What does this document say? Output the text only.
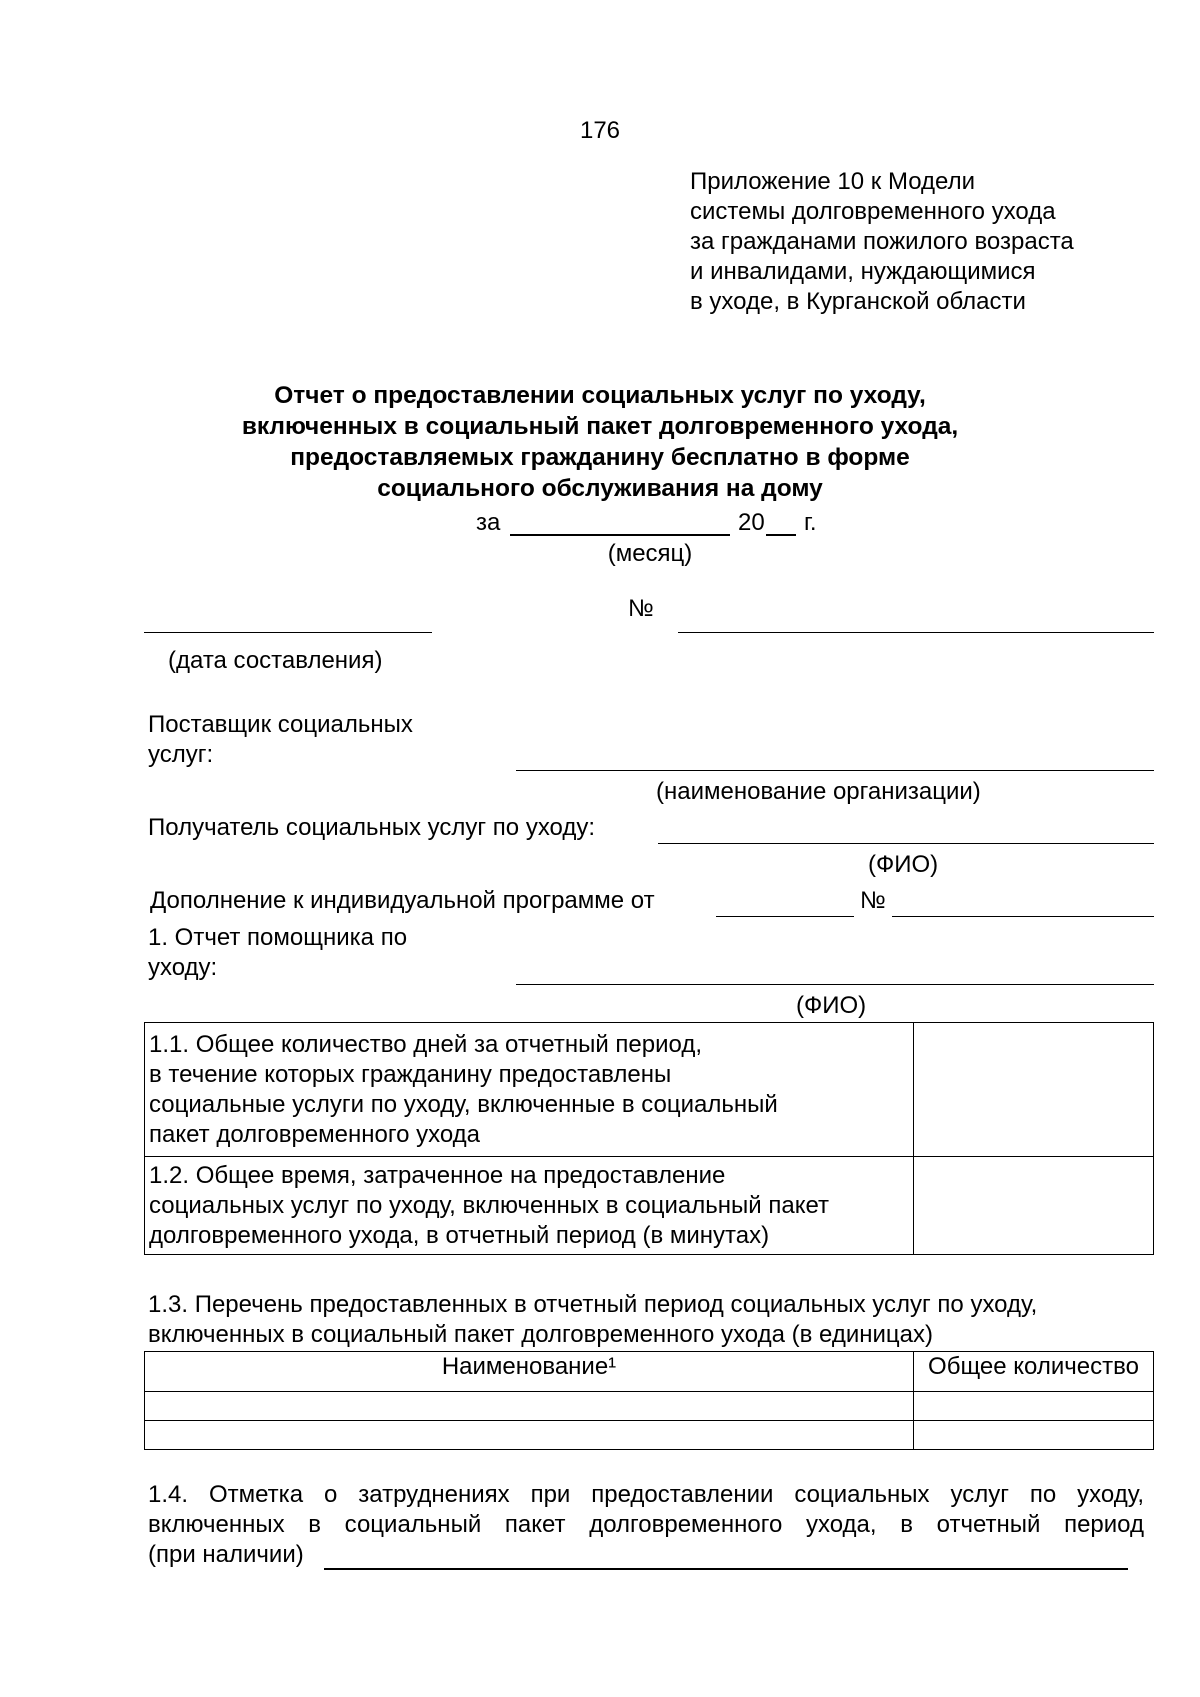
176
Приложение 10 к Модели
системы долговременного ухода
за гражданами пожилого возраста
и инвалидами, нуждающимися
в уходе, в Курганской области
Отчет о предоставлении социальных услуг по уходу,
включенных в социальный пакет долговременного ухода,
предоставляемых гражданину бесплатно в форме
социального обслуживания на дому
за	20 г.
(месяц)
№
(дата составления)
Поставщик социальных
услуг:
(наименование организации)
Получатель социальных услуг по уходу:
(ФИО)
Дополнение к индивидуальной программе от	№
1. Отчет помощника по
уходу:
(ФИО)
1.1. Общее количество дней за отчетный период,
в течение которых гражданину предоставлены
социальные услуги по уходу, включенные в социальный
пакет долговременного ухода	

1.2. Общее время, затраченное на предоставление
социальных услуг по уходу, включенных в социальный пакет
долговременного ухода, в отчетный период (в минутах)	

1.3. Перечень предоставленных в отчетный период социальных услуг по уходу,
включенных в социальный пакет долговременного ухода (в единицах)
Наименование¹	Общее количество

1.4. Отметка о затруднениях при предоставлении социальных услуг по уходу,
включенных в социальный пакет долговременного ухода, в отчетный период
(при наличии)
